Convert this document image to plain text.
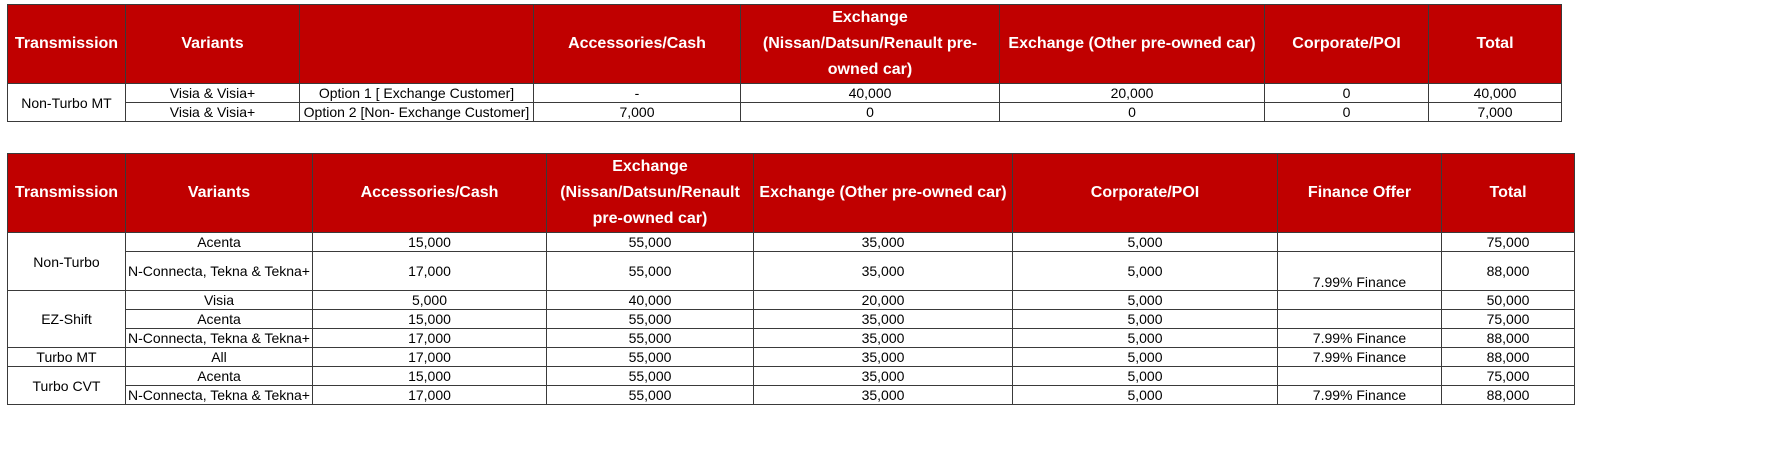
Transmission	Variants		Accessories/Cash	Exchange (Nissan/Datsun/Renault pre-owned car)	Exchange (Other pre-owned car)	Corporate/POI	Total
Non-Turbo MT	Visia & Visia+	Option 1 [ Exchange Customer]	-	40,000	20,000	0	40,000
	Visia & Visia+	Option 2 [Non- Exchange Customer]	7,000	0	0	0	7,000
Transmission	Variants	Accessories/Cash	Exchange (Nissan/Datsun/Renault pre-owned car)	Exchange (Other pre-owned car)	Corporate/POI	Finance Offer	Total
Non-Turbo	Acenta	15,000	55,000	35,000	5,000		75,000
	N-Connecta, Tekna & Tekna+	17,000	55,000	35,000	5,000	7.99% Finance	88,000
EZ-Shift	Visia	5,000	40,000	20,000	5,000		50,000
	Acenta	15,000	55,000	35,000	5,000		75,000
	N-Connecta, Tekna & Tekna+	17,000	55,000	35,000	5,000	7.99% Finance	88,000
Turbo MT	All	17,000	55,000	35,000	5,000	7.99% Finance	88,000
Turbo CVT	Acenta	15,000	55,000	35,000	5,000		75,000
	N-Connecta, Tekna & Tekna+	17,000	55,000	35,000	5,000	7.99% Finance	88,000
